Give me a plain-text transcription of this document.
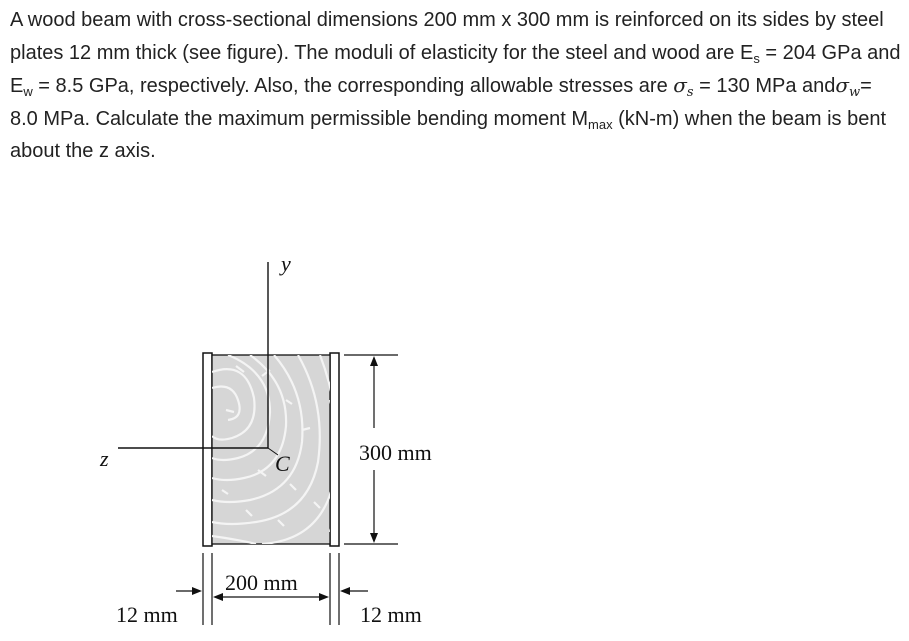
A wood beam with cross-sectional dimensions 200 mm x 300 mm is reinforced on its sides by steel plates 12 mm thick (see figure). The moduli of elasticity for the steel and wood are $E_s = 204$ GPa and $E_w = 8.5$ GPa, respectively. Also, the corresponding allowable stresses are $\sigma_s = 130$ MPa andσ$_w$= 8.0 MPa. Calculate the maximum permissible bending moment $M_{max}$ (kN-m) when the beam is bent about the z axis.
y
z	C	300 mm
200 mm
12 mm	12 mm
